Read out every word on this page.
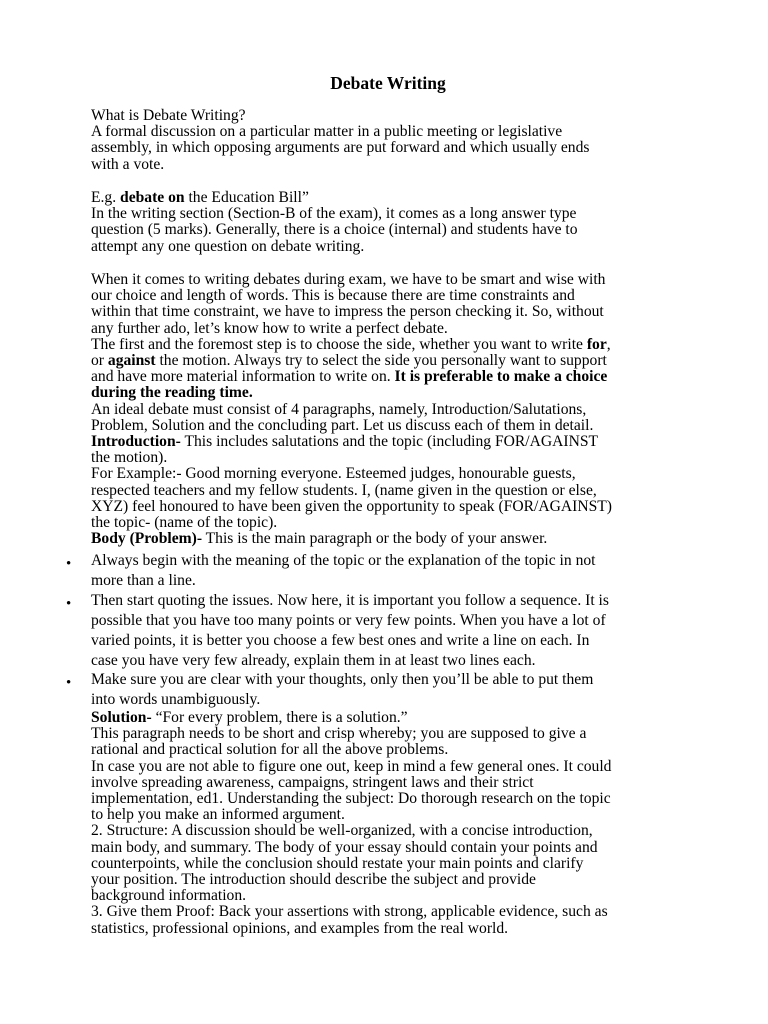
Debate Writing
What is Debate Writing?
A formal discussion on a particular matter in a public meeting or legislative
assembly, in which opposing arguments are put forward and which usually ends
with a vote.
E.g. debate on the Education Bill”
In the writing section (Section-B of the exam), it comes as a long answer type
question (5 marks). Generally, there is a choice (internal) and students have to
attempt any one question on debate writing.
When it comes to writing debates during exam, we have to be smart and wise with
our choice and length of words. This is because there are time constraints and
within that time constraint, we have to impress the person checking it. So, without
any further ado, let’s know how to write a perfect debate.
The first and the foremost step is to choose the side, whether you want to write for,
or against the motion. Always try to select the side you personally want to support
and have more material information to write on. It is preferable to make a choice
during the reading time.
An ideal debate must consist of 4 paragraphs, namely, Introduction/Salutations,
Problem, Solution and the concluding part. Let us discuss each of them in detail.
Introduction- This includes salutations and the topic (including FOR/AGAINST
the motion).
For Example:- Good morning everyone. Esteemed judges, honourable guests,
respected teachers and my fellow students. I, (name given in the question or else,
XYZ) feel honoured to have been given the opportunity to speak (FOR/AGAINST)
the topic- (name of the topic).
Body (Problem)- This is the main paragraph or the body of your answer.
• Always begin with the meaning of the topic or the explanation of the topic in not
more than a line.
• Then start quoting the issues. Now here, it is important you follow a sequence. It is
possible that you have too many points or very few points. When you have a lot of
varied points, it is better you choose a few best ones and write a line on each. In
case you have very few already, explain them in at least two lines each.
• Make sure you are clear with your thoughts, only then you’ll be able to put them
into words unambiguously.
Solution- “For every problem, there is a solution.”
This paragraph needs to be short and crisp whereby; you are supposed to give a
rational and practical solution for all the above problems.
In case you are not able to figure one out, keep in mind a few general ones. It could
involve spreading awareness, campaigns, stringent laws and their strict
implementation, ed1. Understanding the subject: Do thorough research on the topic
to help you make an informed argument.
2. Structure: A discussion should be well-organized, with a concise introduction,
main body, and summary. The body of your essay should contain your points and
counterpoints, while the conclusion should restate your main points and clarify
your position. The introduction should describe the subject and provide
background information.
3. Give them Proof: Back your assertions with strong, applicable evidence, such as
statistics, professional opinions, and examples from the real world.
